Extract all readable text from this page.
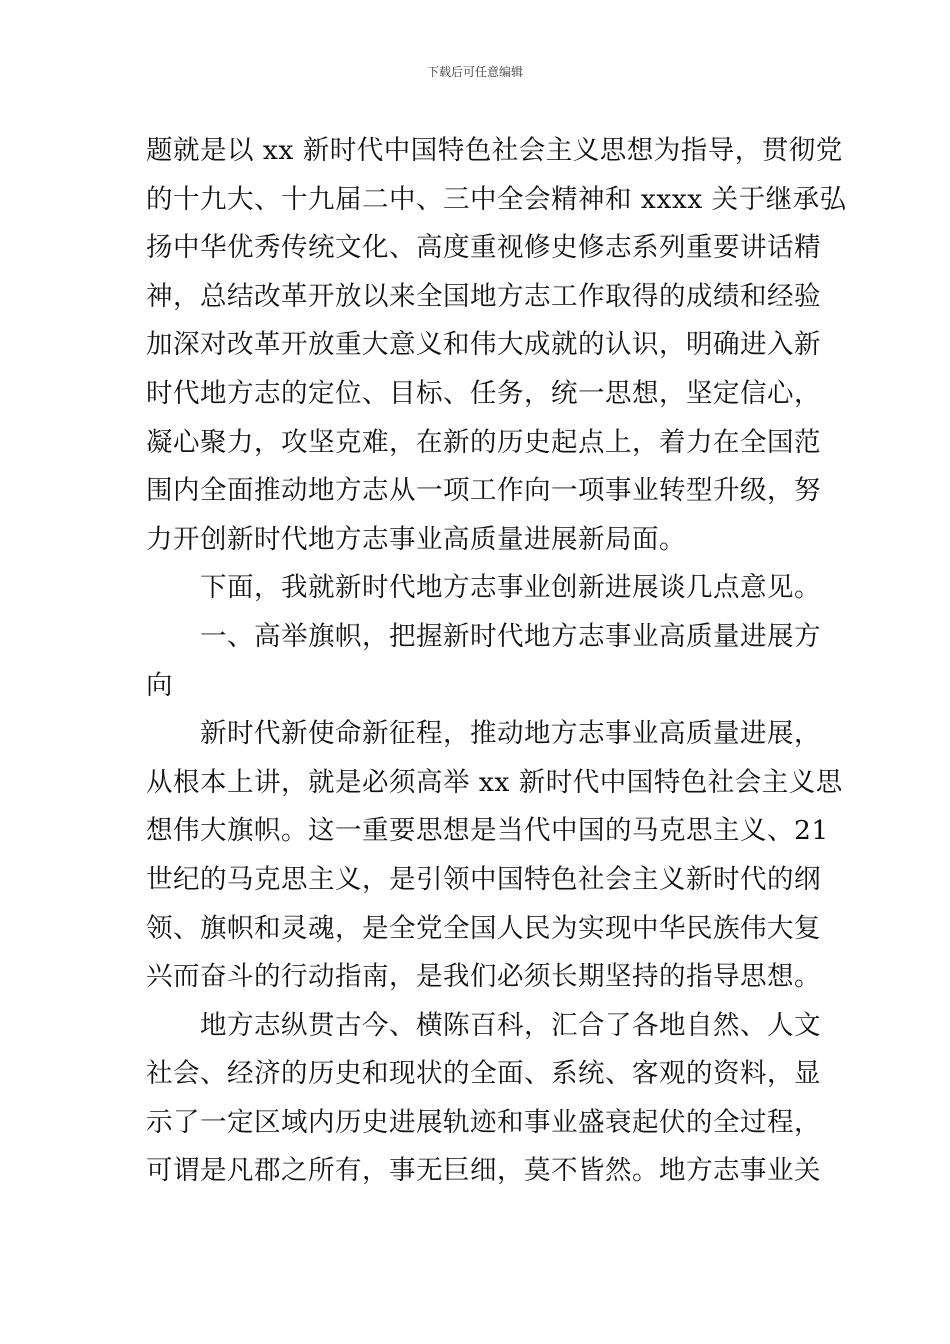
下载后可任意编辑
题就是以 xx 新时代中国特色社会主义思想为指导，贯彻党
的十九大、十九届二中、三中全会精神和 xxxx 关于继承弘
扬中华优秀传统文化、高度重视修史修志系列重要讲话精
神，总结改革开放以来全国地方志工作取得的成绩和经验
加深对改革开放重大意义和伟大成就的认识，明确进入新
时代地方志的定位、目标、任务，统一思想，坚定信心，
凝心聚力，攻坚克难，在新的历史起点上，着力在全国范
围内全面推动地方志从一项工作向一项事业转型升级，努
力开创新时代地方志事业高质量进展新局面。
下面，我就新时代地方志事业创新进展谈几点意见。
一、高举旗帜，把握新时代地方志事业高质量进展方
向
新时代新使命新征程，推动地方志事业高质量进展，
从根本上讲，就是必须高举 xx 新时代中国特色社会主义思
想伟大旗帜。这一重要思想是当代中国的马克思主义、21
世纪的马克思主义，是引领中国特色社会主义新时代的纲
领、旗帜和灵魂，是全党全国人民为实现中华民族伟大复
兴而奋斗的行动指南，是我们必须长期坚持的指导思想。
地方志纵贯古今、横陈百科，汇合了各地自然、人文
社会、经济的历史和现状的全面、系统、客观的资料，显
示了一定区域内历史进展轨迹和事业盛衰起伏的全过程，
可谓是凡郡之所有，事无巨细，莫不皆然。地方志事业关
